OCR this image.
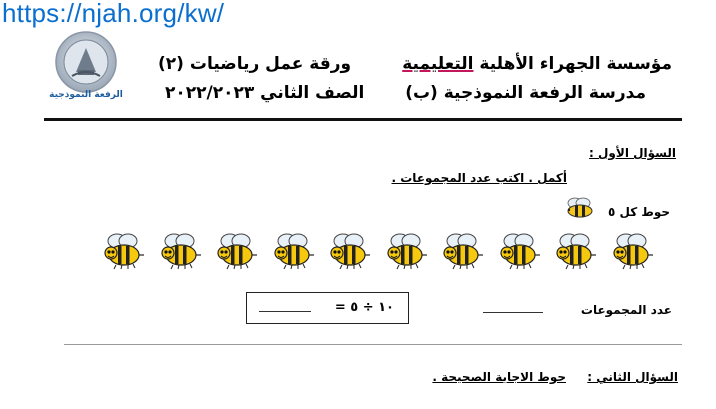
https://njah.org/kw/
الرفعة النموذجية
مؤسسة الجهراء الأهلية التعليمية
مدرسة الرفعة النموذجية (ب)
ورقة عمل رياضيات (٢)
الصف الثاني ٢٠٢٢/٢٠٢٣
السؤال الأول :
أكمل . اكتب عدد المجموعات .
حوط كل ٥
١٠ ÷ ٥ =	عدد المجموعات
السؤال الثاني :
حوط الاجابة الصحيحة .
